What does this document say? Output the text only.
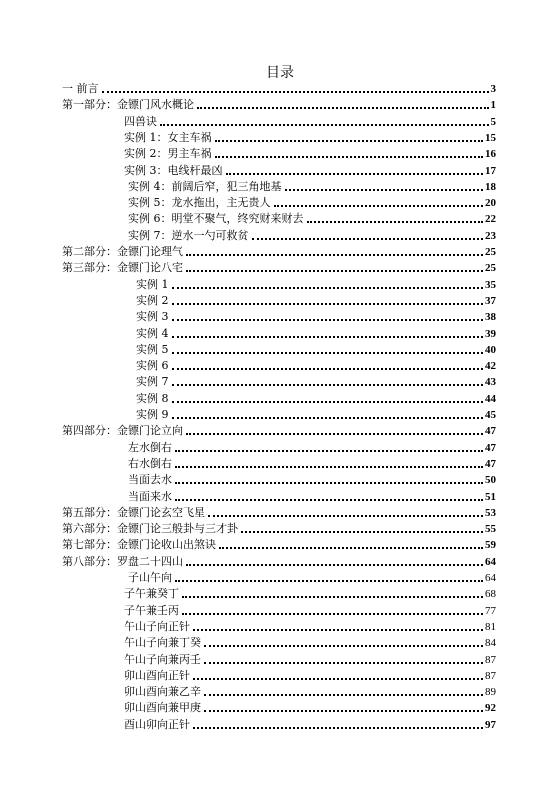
目录
一 前言	3
第一部分：金镖门风水概论	1
四兽诀	5
实例 1：女主车祸	15
实例 2：男主车祸	16
实例 3：电线杆最凶	17
实例 4：前阔后窄，犯三角地基	18
实例 5：龙水拖出，主无贵人	20
实例 6：明堂不聚气，终究财来财去	22
实例 7：逆水一勺可救贫	23
第二部分：金镖门论理气	25
第三部分：金镖门论八宅	25
实例 1	35
实例 2	37
实例 3	38
实例 4	39
实例 5	40
实例 6	42
实例 7	43
实例 8	44
实例 9	45
第四部分：金镖门论立向	47
左水倒右	47
右水倒右	47
当面去水	50
当面来水	51
第五部分：金镖门论玄空飞星	53
第六部分：金镖门论三般卦与三才卦	55
第七部分：金镖门论收山出煞诀	59
第八部分：罗盘二十四山	64
子山午向	64
子午兼癸丁	68
子午兼壬丙	77
午山子向正针	81
午山子向兼丁癸	84
午山子向兼丙壬	87
卯山酉向正针	87
卯山酉向兼乙辛	89
卯山酉向兼甲庚	92
酉山卯向正针	97
